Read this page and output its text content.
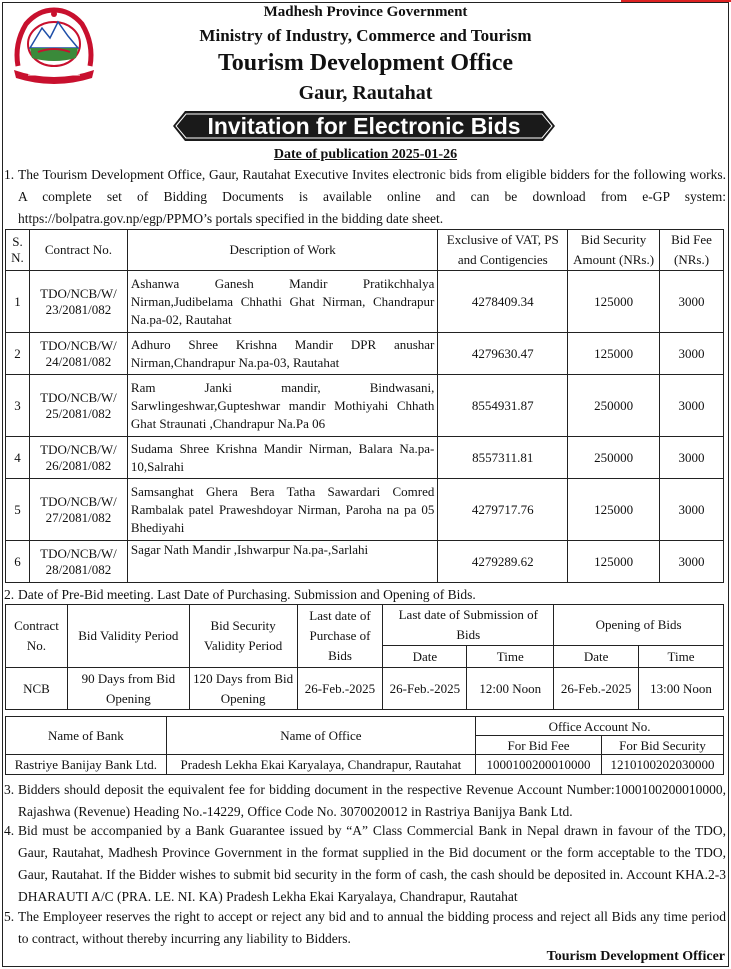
Madhesh Province Government
Ministry of Industry, Commerce and Tourism
Tourism Development Office
Gaur, Rautahat
Invitation for Electronic Bids
Date of publication 2025-01-26
1. The Tourism Development Office, Gaur, Rautahat Executive Invites electronic bids from eligible bidders for the following works. A complete set of Bidding Documents is available online and can be download from e-GP system: https://bolpatra.gov.np/egp/PPMO’s portals specified in the bidding date sheet.
S. N.	Contract No.	Description of Work	Exclusive of VAT, PS and Contigencies	Bid Security Amount (NRs.)	Bid Fee (NRs.)
1	TDO/NCB/W/ 23/2081/082	Ashanwa Ganesh Mandir Pratikchhalya Nirman,Judibelama Chhathi Ghat Nirman, Chandrapur Na.pa-02, Rautahat	4278409.34	125000	3000
2	TDO/NCB/W/ 24/2081/082	Adhuro Shree Krishna Mandir DPR anushar Nirman,Chandrapur Na.pa-03, Rautahat	4279630.47	125000	3000
3	TDO/NCB/W/ 25/2081/082	Ram Janki mandir, Bindwasani, Sarwlingeshwar,Gupteshwar mandir Mothiyahi Chhath Ghat Straunati ,Chandrapur Na.Pa 06	8554931.87	250000	3000
4	TDO/NCB/W/ 26/2081/082	Sudama Shree Krishna Mandir Nirman, Balara Na.pa-10,Salrahi	8557311.81	250000	3000
5	TDO/NCB/W/ 27/2081/082	Samsanghat Ghera Bera Tatha Sawardari Comred Rambalak patel Praweshdoyar Nirman, Paroha na pa 05 Bhediyahi	4279717.76	125000	3000
6	TDO/NCB/W/ 28/2081/082	Sagar Nath Mandir ,Ishwarpur Na.pa-,Sarlahi	4279289.62	125000	3000
2. Date of Pre-Bid meeting. Last Date of Purchasing. Submission and Opening of Bids.
Contract No.	Bid Validity Period	Bid Security Validity Period	Last date of Purchase of Bids	Last date of Submission of Bids		Opening of Bids	
				Date	Time	Date	Time
NCB	90 Days from Bid Opening	120 Days from Bid Opening	26-Feb.-2025	26-Feb.-2025	12:00 Noon	26-Feb.-2025	13:00 Noon
Name of Bank	Name of Office	Office Account No.	
		For Bid Fee	For Bid Security
Rastriye Banijay Bank Ltd.	Pradesh Lekha Ekai Karyalaya, Chandrapur, Rautahat	1000100200010000	1210100202030000
3. Bidders should deposit the equivalent fee for bidding document in the respective Revenue Account Number:1000100200010000, Rajashwa (Revenue) Heading No.-14229, Office Code No. 3070020012 in Rastriya Banijya Bank Ltd.
4. Bid must be accompanied by a Bank Guarantee issued by “A” Class Commercial Bank in Nepal drawn in favour of the TDO, Gaur, Rautahat, Madhesh Province Government in the format supplied in the Bid document or the form acceptable to the TDO, Gaur, Rautahat. If the Bidder wishes to submit bid security in the form of cash, the cash should be deposited in. Account KHA.2-3 DHARAUTI A/C (PRA. LE. NI. KA) Pradesh Lekha Ekai Karyalaya, Chandrapur, Rautahat
5. The Employeer reserves the right to accept or reject any bid and to annual the bidding process and reject all Bids any time period to contract, without thereby incurring any liability to Bidders.
Tourism Development Officer
